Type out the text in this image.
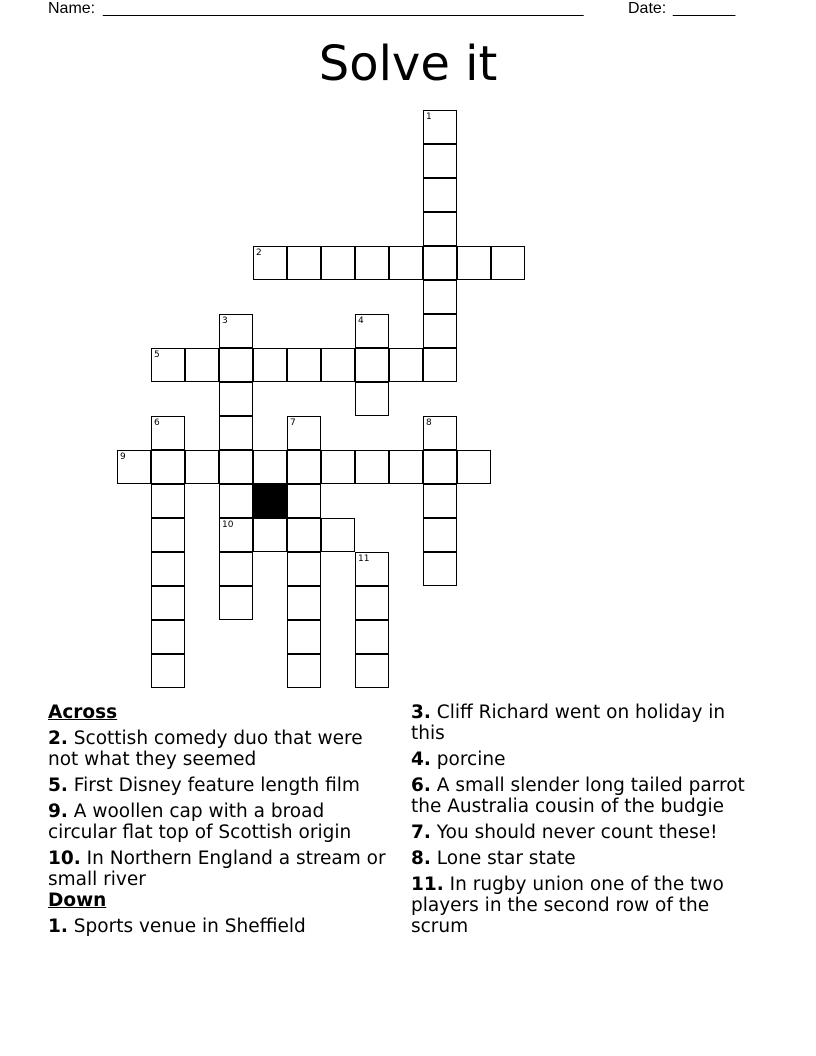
Name: ______________________________________________________	Date: _______
Solve it
1
2
3
10
4
5
6	7	8
9
11
Across
2. Scottish comedy duo that were not what they seemed
5. First Disney feature length film
9. A woollen cap with a broad circular flat top of Scottish origin
10. In Northern England a stream or small river
Down
1. Sports venue in Sheffield
3. Cliff Richard went on holiday in this
4. porcine
6. A small slender long tailed parrot the Australia cousin of the budgie
7. You should never count these!
8. Lone star state
11. In rugby union one of the two players in the second row of the scrum
